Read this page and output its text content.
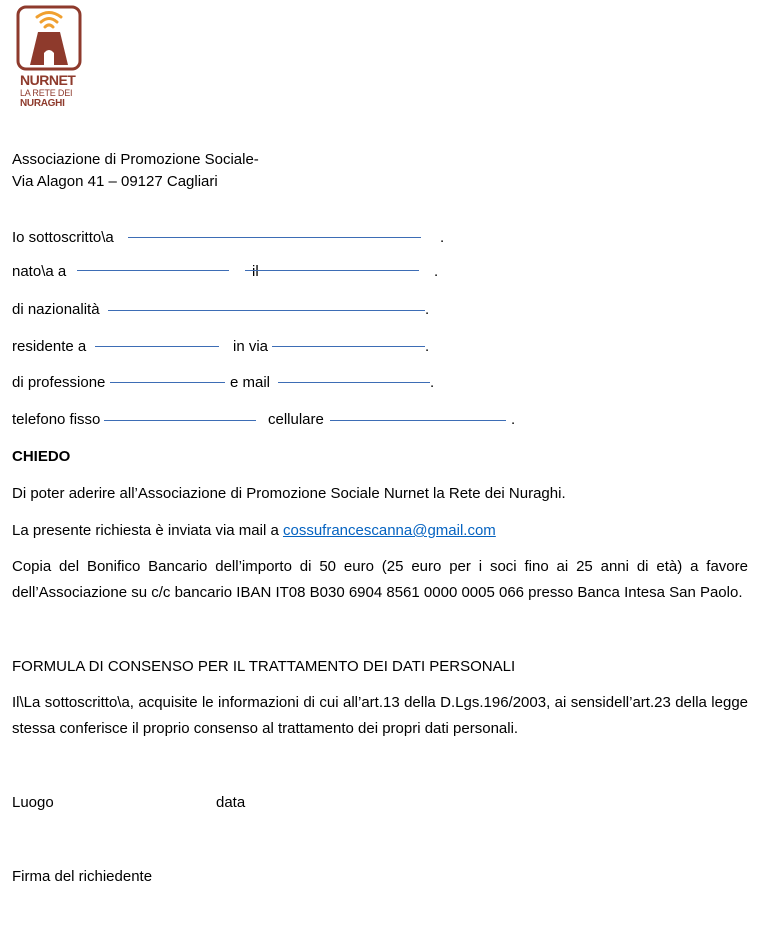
NURNET
LA RETE DEI
NURAGHI
Associazione di Promozione Sociale-
Via Alagon 41 – 09127 Cagliari
Io sottoscritto\a	.
nato\a a	il	.
di nazionalità	.
residente a	in via	.
di professione	e mail	.
telefono fisso	cellulare	.
CHIEDO
Di poter aderire all’Associazione di Promozione Sociale Nurnet la Rete dei Nuraghi.
La presente richiesta è inviata via mail a cossufrancescanna@gmail.com
Copia del Bonifico Bancario dell’importo di 50 euro (25 euro per i soci fino ai 25 anni di età) a favore dell’Associazione su c/c bancario IBAN IT08 B030 6904 8561 0000 0005 066 presso Banca Intesa San Paolo.
FORMULA DI CONSENSO PER IL TRATTAMENTO DEI DATI PERSONALI
Il\La sottoscritto\a, acquisite le informazioni di cui all’art.13 della D.Lgs.196/2003, ai sensidell’art.23 della legge stessa conferisce il proprio consenso al trattamento dei propri dati personali.
Luogo	data
Firma del richiedente
